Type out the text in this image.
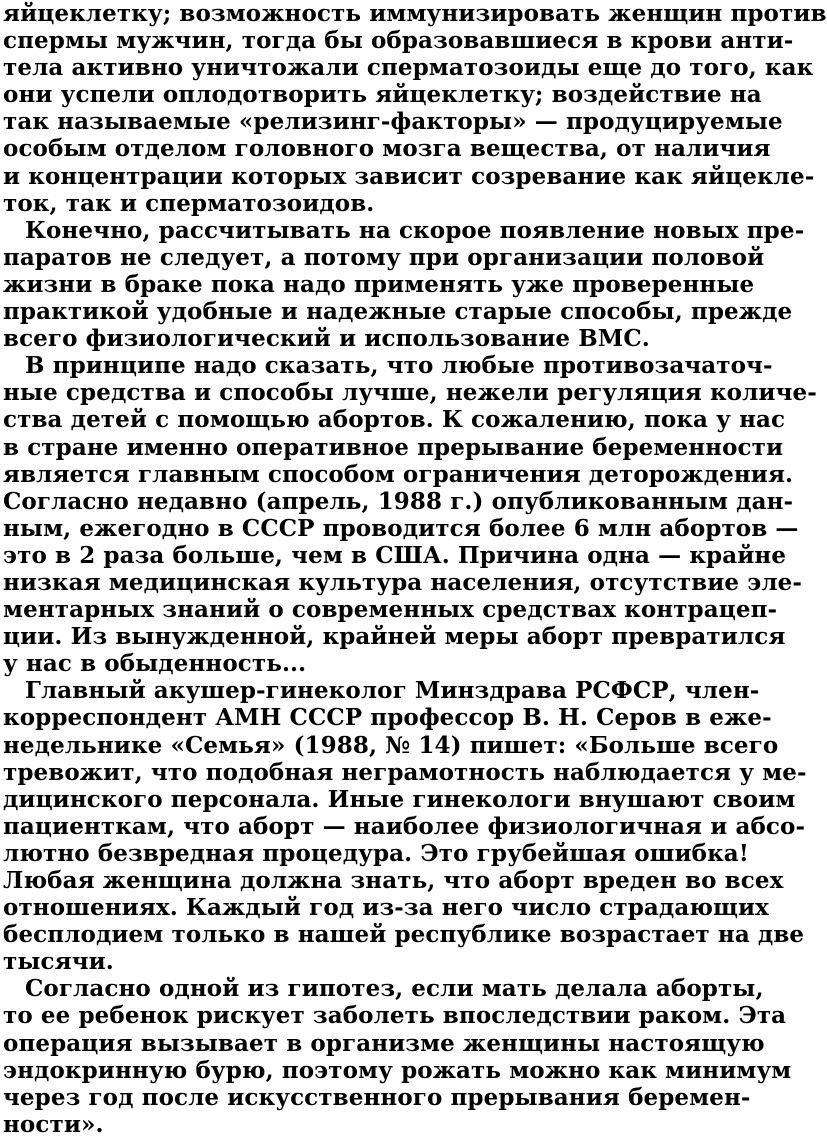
яйцеклетку; возможность иммунизировать женщин против
спермы мужчин, тогда бы образовавшиеся в крови анти-
тела активно уничтожали сперматозоиды еще до того, как
они успели оплодотворить яйцеклетку; воздействие на
так называемые «релизинг-факторы» — продуцируемые
особым отделом головного мозга вещества, от наличия
и концентрации которых зависит созревание как яйцекле-
ток, так и сперматозоидов.
Конечно, рассчитывать на скорое появление новых пре-
паратов не следует, а потому при организации половой
жизни в браке пока надо применять уже проверенные
практикой удобные и надежные старые способы, прежде
всего физиологический и использование ВМС.
В принципе надо сказать, что любые противозачаточ-
ные средства и способы лучше, нежели регуляция количе-
ства детей с помощью абортов. К сожалению, пока у нас
в стране именно оперативное прерывание беременности
является главным способом ограничения деторождения.
Согласно недавно (апрель, 1988 г.) опубликованным дан-
ным, ежегодно в СССР проводится более 6 млн абортов —
это в 2 раза больше, чем в США. Причина одна — крайне
низкая медицинская культура населения, отсутствие эле-
ментарных знаний о современных средствах контрацеп-
ции. Из вынужденной, крайней меры аборт превратился
у нас в обыденность...
Главный акушер-гинеколог Минздрава РСФСР, член-
корреспондент АМН СССР профессор В. Н. Серов в еже-
недельнике «Семья» (1988, № 14) пишет: «Больше всего
тревожит, что подобная неграмотность наблюдается у ме-
дицинского персонала. Иные гинекологи внушают своим
пациенткам, что аборт — наиболее физиологичная и абсо-
лютно безвредная процедура. Это грубейшая ошибка!
Любая женщина должна знать, что аборт вреден во всех
отношениях. Каждый год из-за него число страдающих
бесплодием только в нашей республике возрастает на две
тысячи.
Согласно одной из гипотез, если мать делала аборты,
то ее ребенок рискует заболеть впоследствии раком. Эта
операция вызывает в организме женщины настоящую
эндокринную бурю, поэтому рожать можно как минимум
через год после искусственного прерывания беремен-
ности».
